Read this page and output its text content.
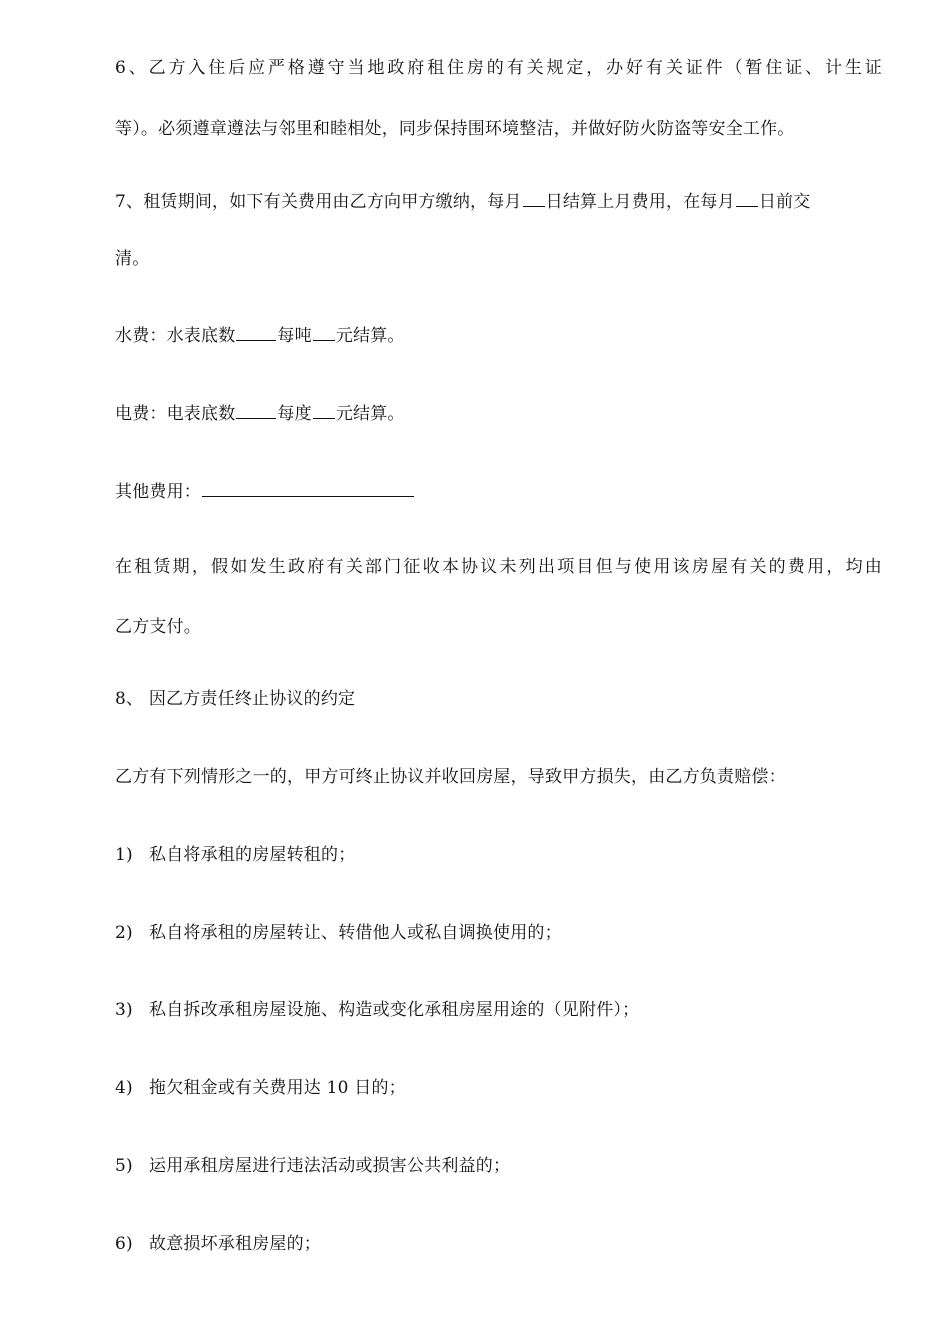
6、乙方入住后应严格遵守当地政府租住房的有关规定，办好有关证件（暂住证、计生证
等）。必须遵章遵法与邻里和睦相处，同步保持围环境整洁，并做好防火防盗等安全工作。
7、租赁期间，如下有关费用由乙方向甲方缴纳，每月 日结算上月费用，在每月 日前交
清。
水费：水表底数 每吨 元结算。
电费：电表底数 每度 元结算。
其他费用：
在租赁期，假如发生政府有关部门征收本协议未列出项目但与使用该房屋有关的费用，均由
乙方支付。
8、 因乙方责任终止协议的约定
乙方有下列情形之一的，甲方可终止协议并收回房屋，导致甲方损失，由乙方负责赔偿：
1) 私自将承租的房屋转租的；
2) 私自将承租的房屋转让、转借他人或私自调换使用的；
3) 私自拆改承租房屋设施、构造或变化承租房屋用途的（见附件）；
4) 拖欠租金或有关费用达 10 日的；
5) 运用承租房屋进行违法活动或损害公共利益的；
6) 故意损坏承租房屋的；
